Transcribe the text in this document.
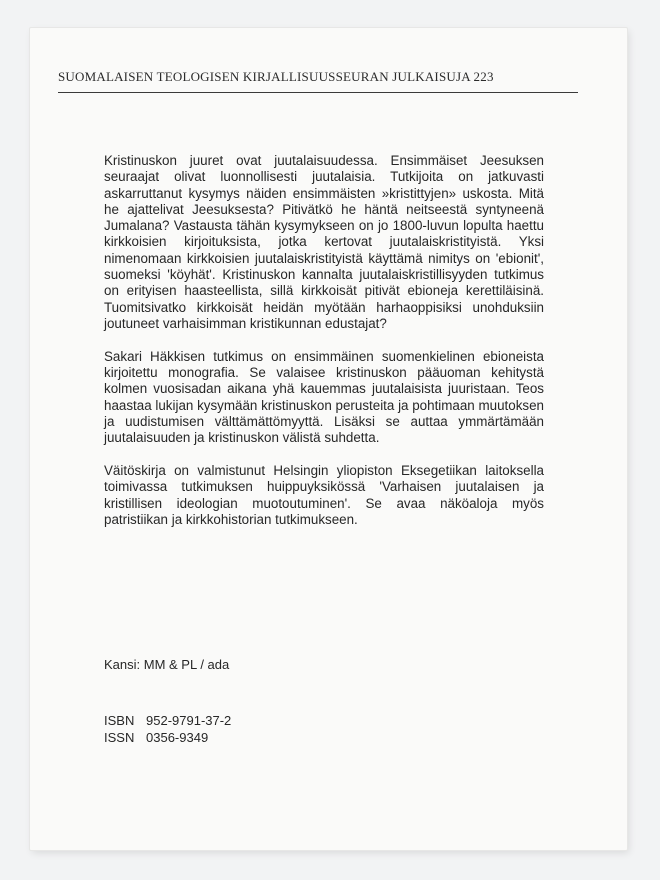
SUOMALAISEN TEOLOGISEN KIRJALLISUUSSEURAN JULKAISUJA 223

Kristinuskon juuret ovat juutalaisuudessa. Ensimmäiset Jeesuksen seuraajat olivat luonnollisesti juutalaisia. Tutkijoita on jatkuvasti askarruttanut kysymys näiden ensimmäisten »kristittyjen» uskosta. Mitä he ajattelivat Jeesuksesta? Pitivätkö he häntä neitseestä syntyneenä Jumalana? Vastausta tähän kysymykseen on jo 1800-luvun lopulta haettu kirkkoisien kirjoituksista, jotka kertovat juutalaiskristityistä. Yksi nimenomaan kirkkoisien juutalaiskristityistä käyttämä nimitys on 'ebionit', suomeksi 'köyhät'. Kristinuskon kannalta juutalaiskristillisyyden tutkimus on erityisen haasteellista, sillä kirkkoisät pitivät ebioneja kerettiläisinä. Tuomitsivatko kirkkoisät heidän myötään harhaoppisiksi unohduksiin joutuneet varhaisimman kristikunnan edustajat?

Sakari Häkkisen tutkimus on ensimmäinen suomenkielinen ebioneista kirjoitettu monografia. Se valaisee kristinuskon pääuoman kehitystä kolmen vuosisadan aikana yhä kauemmas juutalaisista juuristaan. Teos haastaa lukijan kysymään kristinuskon perusteita ja pohtimaan muutoksen ja uudistumisen välttämättömyyttä. Lisäksi se auttaa ymmärtämään juutalaisuuden ja kristinuskon välistä suhdetta.

Väitöskirja on valmistunut Helsingin yliopiston Eksegetiikan laitoksella toimivassa tutkimuksen huippuyksikössä 'Varhaisen juutalaisen ja kristillisen ideologian muotoutuminen'. Se avaa näköaloja myös patristiikan ja kirkkohistorian tutkimukseen.

Kansi: MM & PL / ada
ISBN 952-9791-37-2
ISSN 0356-9349
